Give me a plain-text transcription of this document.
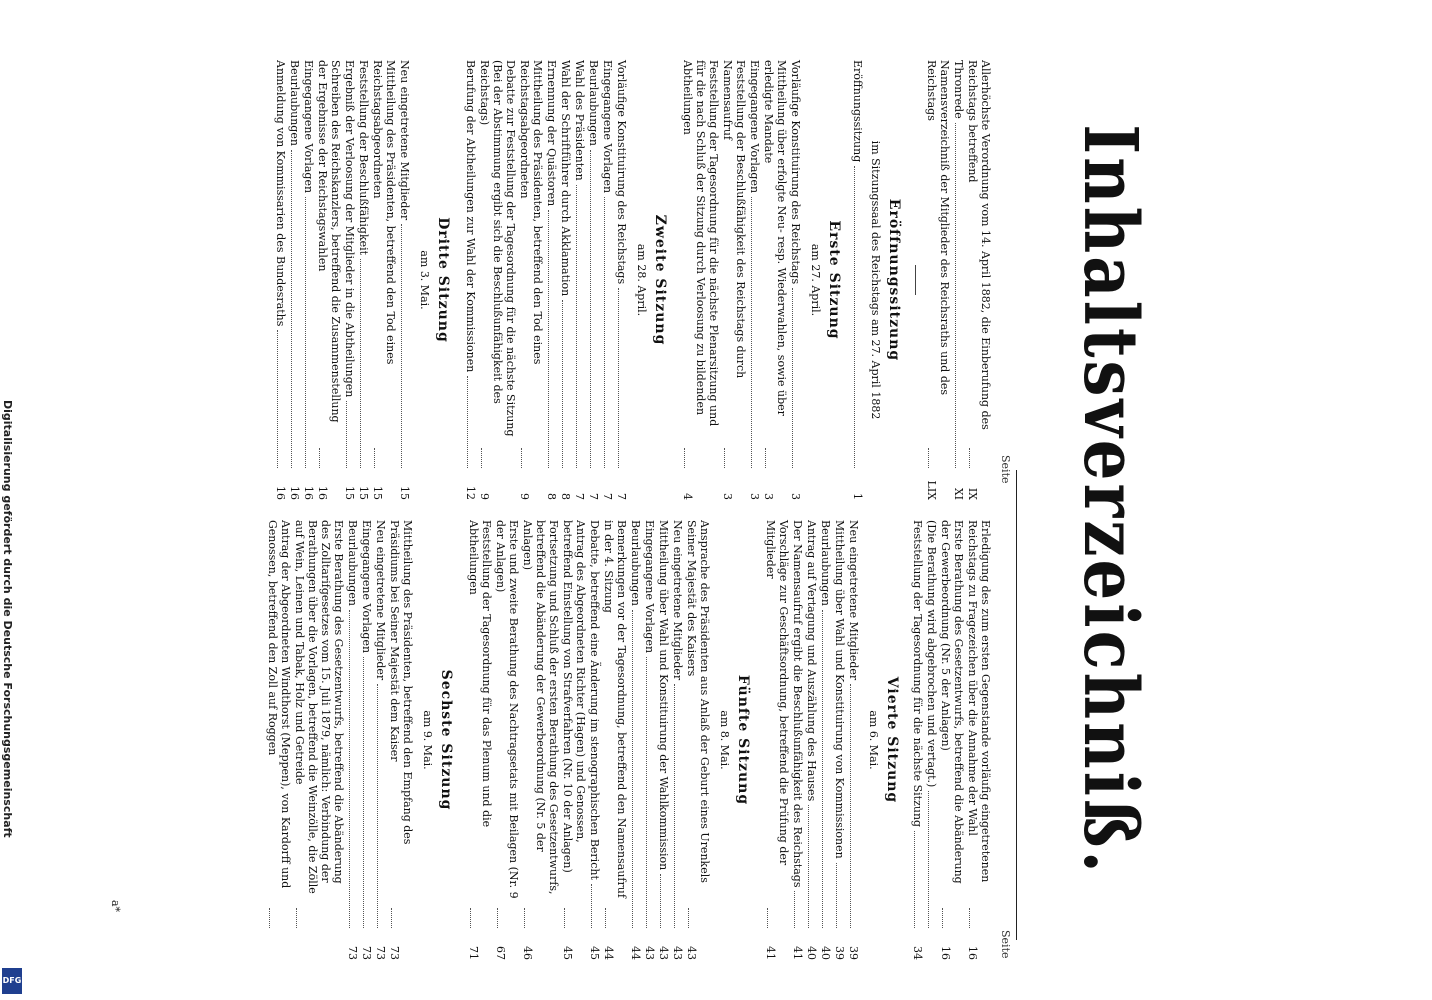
Inhaltsverzeichniß.

Seite
Seite
Allerhöchste Verordnung vom 14. April 1882, die Einberufung des Reichstags betreffend
IX
Thronrede
XI
Namensverzeichniß der Mitglieder des Reichsraths und des Reichstags
LIX
Eröffnungssitzung
im Sitzungssaal des Reichstags am 27. April 1882
Eröffnungssitzung
1
Erste Sitzung
am 27. April.
Vorläufige Konstituirung des Reichstags
3
Mittheilung über erfolgte Neu- resp. Wiederwahlen, sowie über erledigte Mandate
3
Eingegangene Vorlagen
3
Feststellung der Beschlußfähigkeit des Reichstags durch Namensaufruf
3
Feststellung der Tagesordnung für die nächste Plenarsitzung und für die nach Schluß der Sitzung durch Verloosung zu bildenden Abtheilungen
4
Zweite Sitzung
am 28. April.
Vorläufige Konstituirung des Reichstags
7
Eingegangene Vorlagen
7
Beurlaubungen
7
Wahl des Präsidenten
7
Wahl der Schriftführer durch Akklamation
8
Ernennung der Quästoren
8
Mittheilung des Präsidenten, betreffend den Tod eines Reichstagsabgeordneten
9
Debatte zur Feststellung der Tagesordnung für die nächste Sitzung (Bei der Abstimmung ergibt sich die Beschlußunfähigkeit des Reichstags)
9
Berufung der Abtheilungen zur Wahl der Kommissionen
12
Dritte Sitzung
am 3. Mai.
Neu eingetretene Mitglieder
15
Mittheilung des Präsidenten, betreffend den Tod eines Reichstagsabgeordneten
15
Feststellung der Beschlußfähigkeit
15
Ergebniß der Verloosung der Mitglieder in die Abtheilungen
15
Schreiben des Reichskanzlers, betreffend die Zusammenstellung der Ergebnisse der Reichstagswahlen
16
Eingegangene Vorlagen
16
Beurlaubungen
16
Anmeldung von Kommissarien des Bundesraths
16
Erledigung des zum ersten Gegenstande vorläufig eingetretenen Reichstags zu Fragezeichen über die Annahme der Wahl
16
Erste Berathung des Gesetzentwurfs, betreffend die Abänderung der Gewerbeordnung (Nr. 5 der Anlagen)
16
(Die Berathung wird abgebrochen und vertagt.)
Feststellung der Tagesordnung für die nächste Sitzung
34
Vierte Sitzung
am 6. Mai.
Neu eingetretene Mitglieder
39
Mittheilung über Wahl und Konstituirung von Kommissionen
39
Beurlaubungen
40
Antrag auf Vertagung und Auszählung des Hauses
40
Der Namensaufruf ergibt die Beschlußunfähigkeit des Reichstags
41
Vorschläge zur Geschäftsordnung, betreffend die Prüfung der Mitglieder
41
Fünfte Sitzung
am 8. Mai.
Ansprache des Präsidenten aus Anlaß der Geburt eines Urenkels Seiner Majestät des Kaisers
43
Neu eingetretene Mitglieder
43
Mittheilung über Wahl und Konstituirung der Wahlkommission
43
Eingegangene Vorlagen
43
Beurlaubungen
44
Bemerkungen vor der Tagesordnung, betreffend den Namensaufruf in der 4. Sitzung
44
Debatte, betreffend eine Änderung im stenographischen Bericht
45
Antrag des Abgeordneten Richter (Hagen) und Genossen, betreffend Einstellung von Strafverfahren (Nr. 10 der Anlagen)
45
Fortsetzung und Schluß der ersten Berathung des Gesetzentwurfs, betreffend die Abänderung der Gewerbeordnung (Nr. 5 der Anlagen)
46
Erste und zweite Berathung des Nachtragsetats mit Beilagen (Nr. 9 der Anlagen)
67
Feststellung der Tagesordnung für das Plenum und die Abtheilungen
71
Sechste Sitzung
am 9. Mai.
Mittheilung des Präsidenten, betreffend den Empfang des Präsidiums bei Seiner Majestät dem Kaiser
73
Neu eingetretene Mitglieder
73
Eingegangene Vorlagen
73
Beurlaubungen
73
Erste Berathung des Gesetzentwurfs, betreffend die Abänderung des Zolltarifgesetzes vom 15. Juli 1879, nämlich: Verbindung der Berathungen über die Vorlagen, betreffend die Weinzölle, die Zölle auf Wein, Leinen und Tabak, Holz und Getreide
Antrag der Abgeordneten Windthorst (Meppen), von Kardorff und Genossen, betreffend den Zoll auf Roggen
a*
Digitalisierung gefördert durch die Deutsche Forschungsgemeinschaft
DFG
